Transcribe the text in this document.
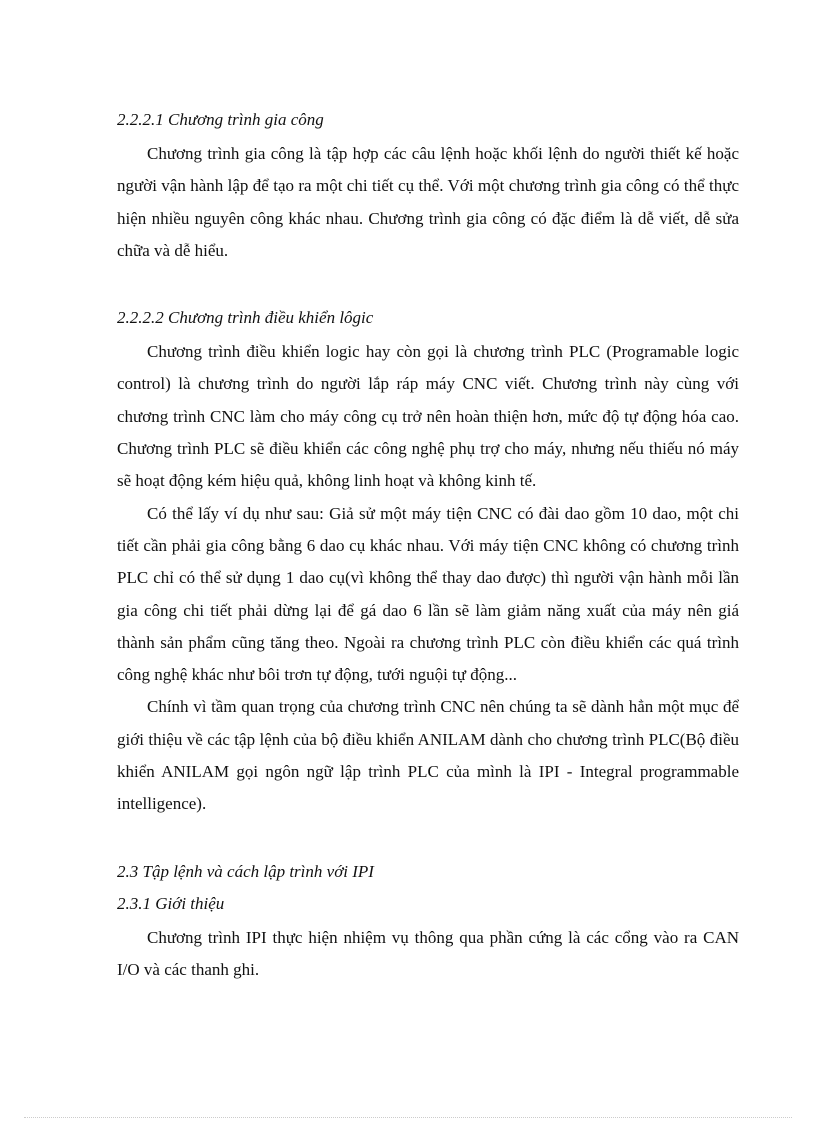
2.2.2.1 Chương trình gia công

Chương trình gia công là tập hợp các câu lệnh hoặc khối lệnh do người thiết kế hoặc người vận hành lập để tạo ra một chi tiết cụ thể. Với một chương trình gia công có thể thực hiện nhiều nguyên công khác nhau. Chương trình gia công có đặc điểm là dễ viết, dễ sửa chữa và dễ hiểu.

2.2.2.2 Chương trình điều khiển lôgic

Chương trình điều khiển logic hay còn gọi là chương trình PLC (Programable logic control) là chương trình do người lắp ráp máy CNC viết. Chương trình này cùng với chương trình CNC làm cho máy công cụ trở nên hoàn thiện hơn, mức độ tự động hóa cao. Chương trình PLC sẽ điều khiển các công nghệ phụ trợ cho máy, nhưng nếu thiếu nó máy sẽ hoạt động kém hiệu quả, không linh hoạt và không kinh tế.

Có thể lấy ví dụ như sau: Giả sử một máy tiện CNC có đài dao gồm 10 dao, một chi tiết cần phải gia công bằng 6 dao cụ khác nhau. Với máy tiện CNC không có chương trình PLC chỉ có thể sử dụng 1 dao cụ(vì không thể thay dao được) thì người vận hành mỗi lần gia công chi tiết phải dừng lại để gá dao 6 lần sẽ làm giảm năng xuất của máy nên giá thành sản phẩm cũng tăng theo. Ngoài ra chương trình PLC còn điều khiển các quá trình công nghệ khác như bôi trơn tự động, tưới nguội tự động...

Chính vì tầm quan trọng của chương trình CNC nên chúng ta sẽ dành hẳn một mục để giới thiệu về các tập lệnh của bộ điều khiển ANILAM dành cho chương trình PLC(Bộ điều khiển ANILAM gọi ngôn ngữ lập trình PLC của mình là IPI - Integral programmable intelligence).

2.3 Tập lệnh và cách lập trình với IPI

2.3.1 Giới thiệu

Chương trình IPI thực hiện nhiệm vụ thông qua phần cứng là các cổng vào ra CAN I/O và các thanh ghi.
